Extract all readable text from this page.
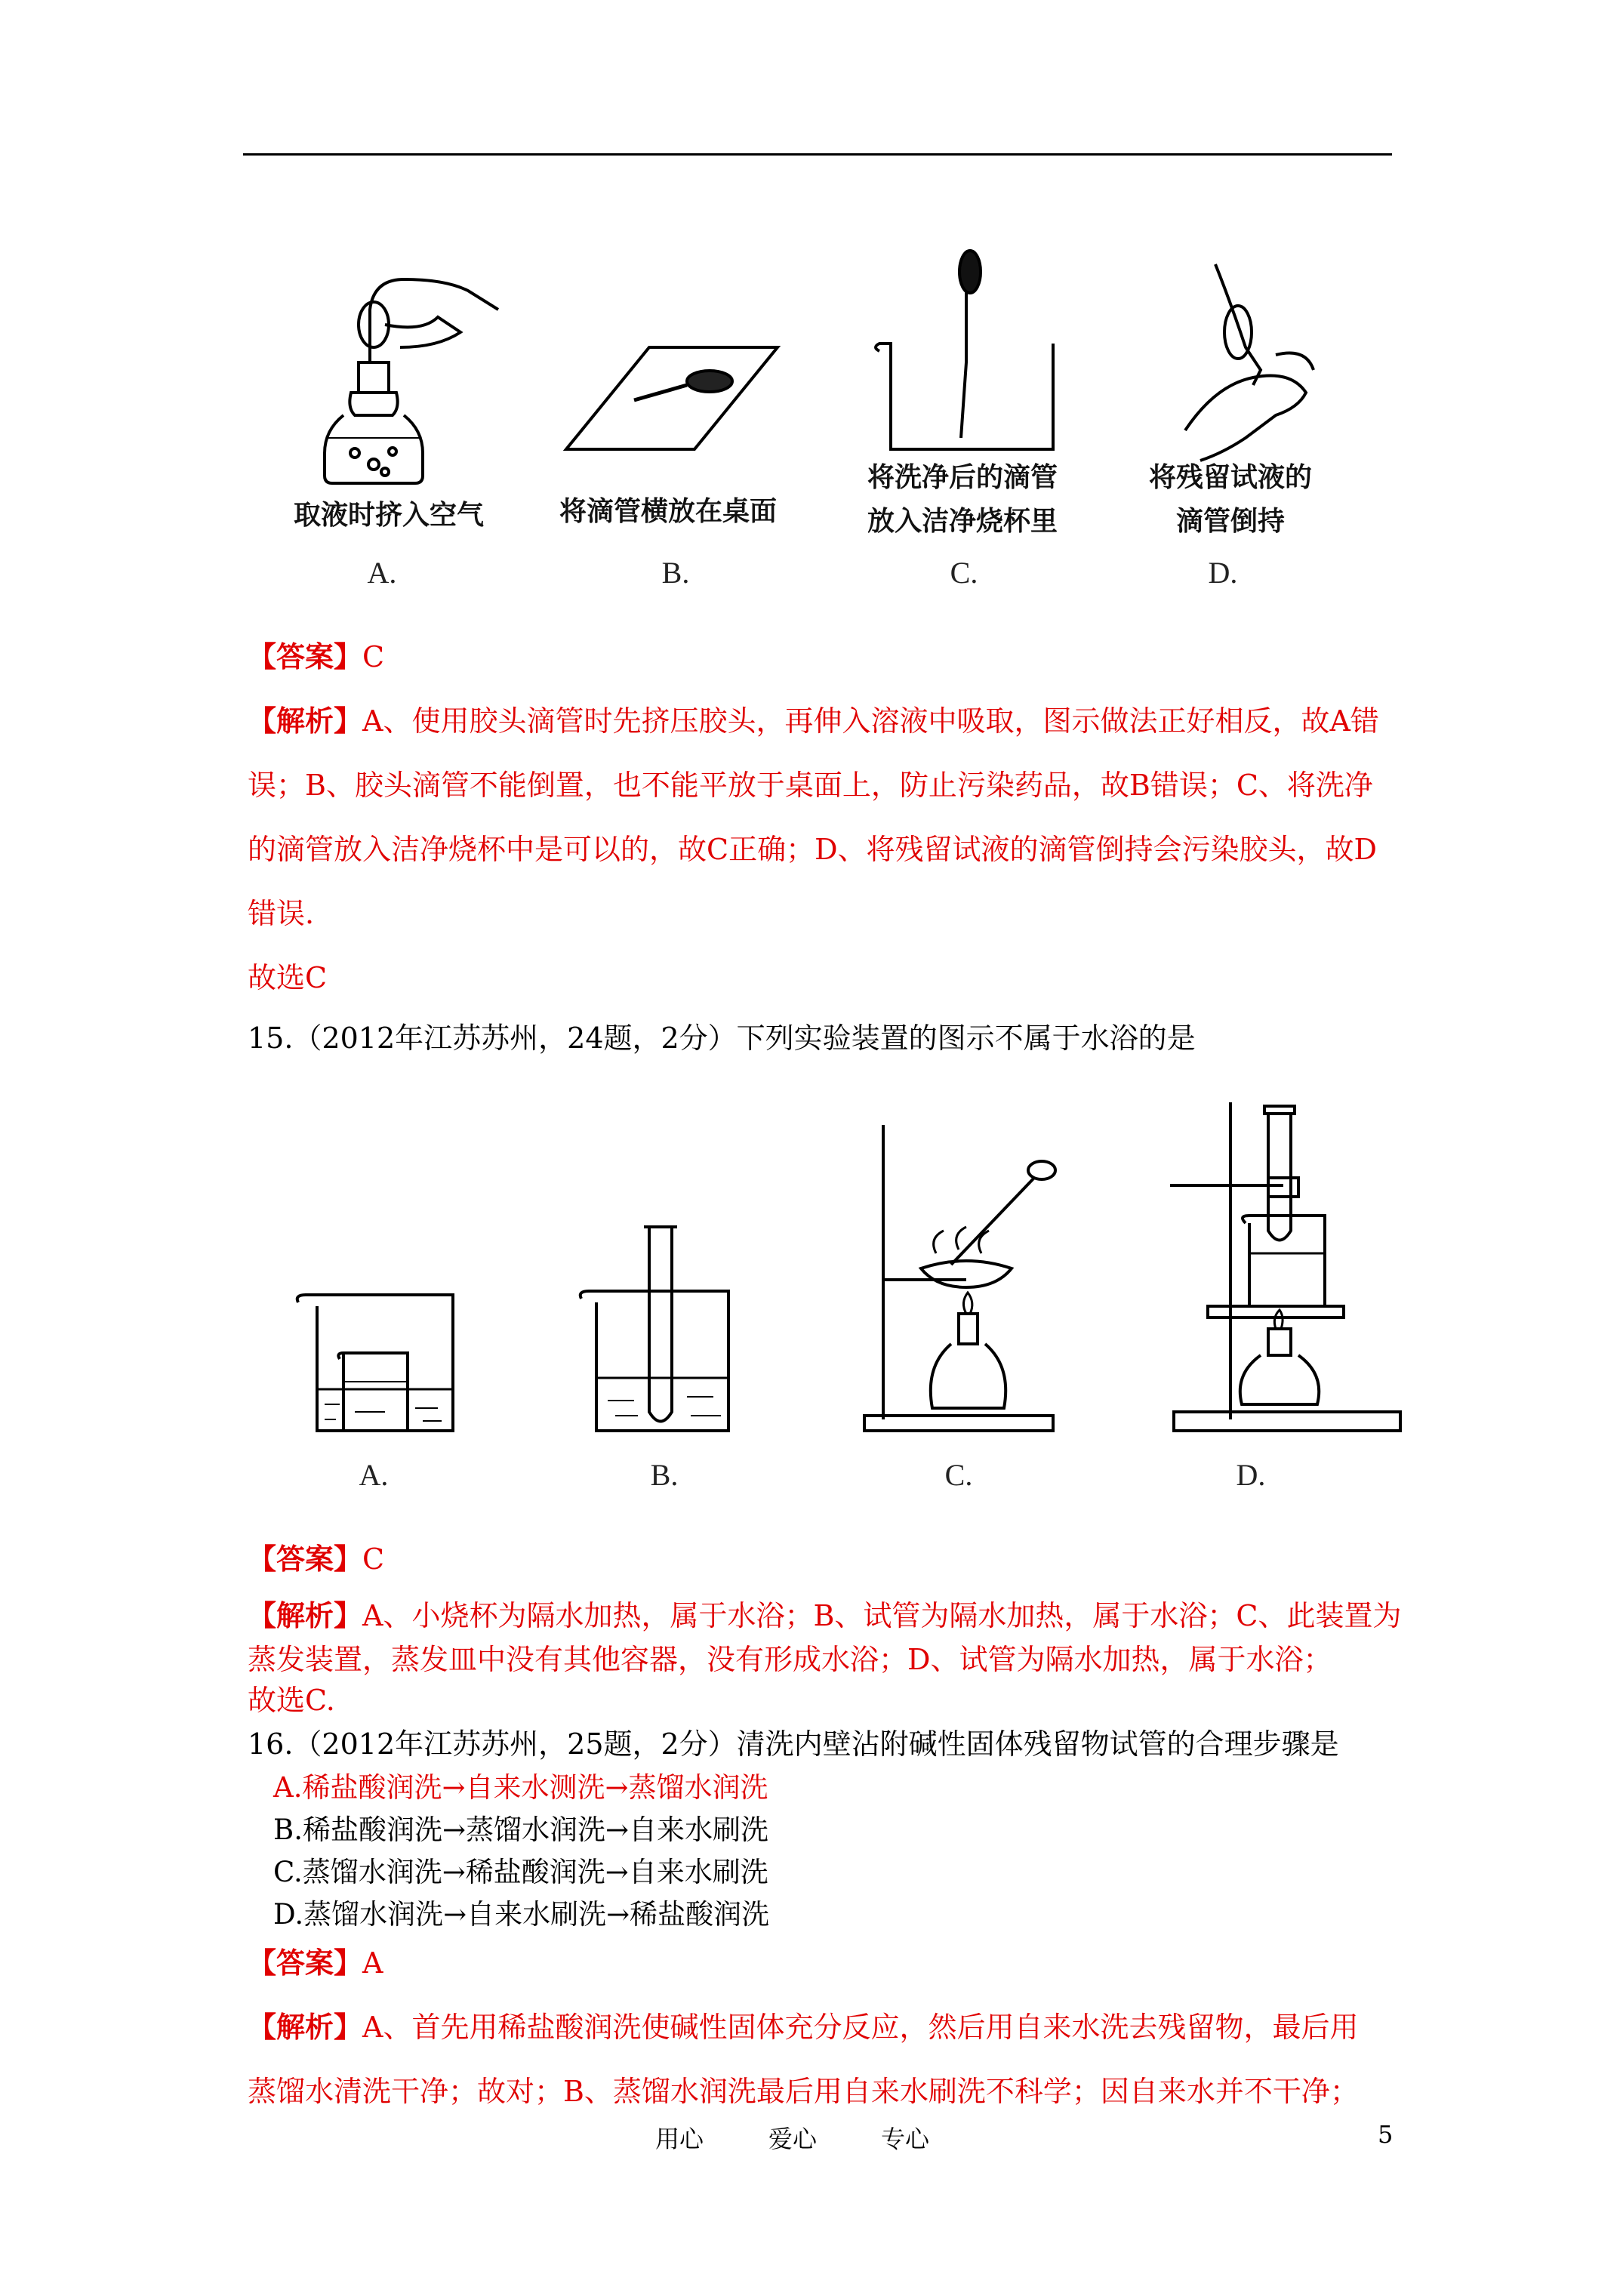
取液时挤入空气	将滴管横放在桌面
将洗净后的滴管
放入洁净烧杯里
将残留试液的
滴管倒持
A.	B.	C.	D.
【答案】C
【解析】A、使用胶头滴管时先挤压胶头，再伸入溶液中吸取，图示做法正好相反，故A错
误；B、胶头滴管不能倒置，也不能平放于桌面上，防止污染药品，故B错误；C、将洗净
的滴管放入洁净烧杯中是可以的，故C正确；D、将残留试液的滴管倒持会污染胶头，故D
错误.
故选C
15.（2012年江苏苏州，24题，2分）下列实验装置的图示不属于水浴的是
A.	B.	C.	D.
【答案】C
【解析】A、小烧杯为隔水加热，属于水浴；B、试管为隔水加热，属于水浴；C、此装置为
蒸发装置，蒸发皿中没有其他容器，没有形成水浴；D、试管为隔水加热，属于水浴；
故选C.
16.（2012年江苏苏州，25题，2分）清洗内壁沾附碱性固体残留物试管的合理步骤是
A.稀盐酸润洗→自来水测洗→蒸馏水润洗
B.稀盐酸润洗→蒸馏水润洗→自来水刷洗
C.蒸馏水润洗→稀盐酸润洗→自来水刷洗
D.蒸馏水润洗→自来水刷洗→稀盐酸润洗
【答案】A
【解析】A、首先用稀盐酸润洗使碱性固体充分反应，然后用自来水洗去残留物，最后用
蒸馏水清洗干净；故对；B、蒸馏水润洗最后用自来水刷洗不科学；因自来水并不干净；
用心	爱心	专心	5
